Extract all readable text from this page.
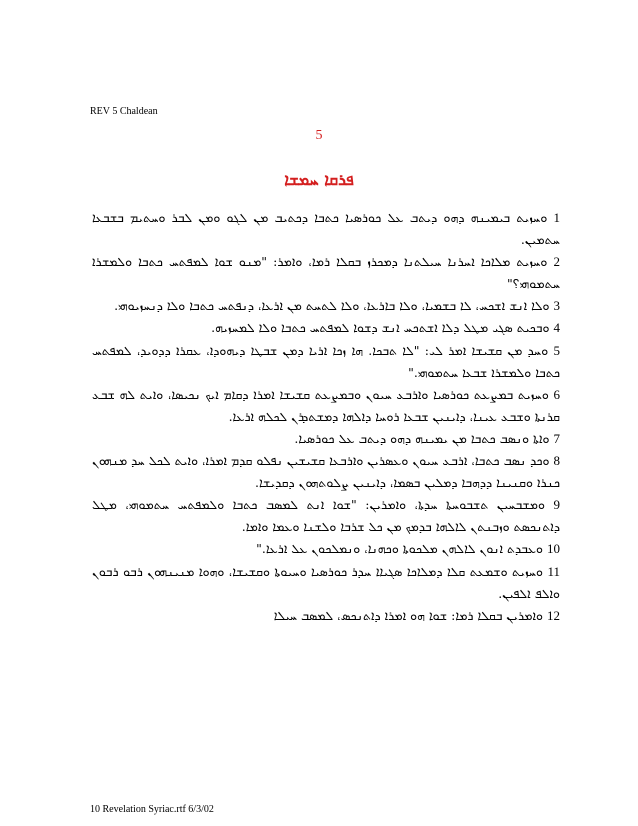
REV 5 Chaldean
5
ܦܪܩܐ ܚܡܫܐ
1 ܘܚܙܝܬ ܒܝܡܝܢܗ ܕܗܘ ܕܝܬܒ ܥܠ ܟܘܪܣܝܐ ܟܬܒܐ ܕܟܬܝܒ ܡܢ ܠܓܘ ܘܡܢ ܠܒܪ ܘܚܬܝܡ ܒܫܒܥܐ ܚܬܡܝܢ.
2 ܘܚܙܝܬ ܡܠܐܟܐ ܐܚܪܢܐ ܚܝܠܬܢܐ ܕܡܟܪܙ ܒܩܠܐ ܪܡܐ، ܘܐܡܪ: "ܡܢܘ ܫܘܐ ܠܡܦܬܚ ܟܬܒܐ ܘܠܡܫܪܐ ܚܬܡܘܗܝ؟"
3 ܘܠܐ ܐܢܫ ܐܫܟܚ، ܠܐ ܒܫܡܝܐ، ܘܠܐ ܒܐܪܥܐ، ܘܠܐ ܠܬܚܬ ܡܢ ܐܪܥܐ، ܕܢܦܬܚ ܟܬܒܐ ܘܠܐ ܕܢܚܙܝܘܗܝ.
4 ܘܒܟܝܬ ܣܓܝ ܡܛܠ ܕܠܐ ܐܫܬܟܚ ܐܢܫ ܕܫܘܐ ܠܡܦܬܚ ܟܬܒܐ ܘܠܐ ܠܡܚܙܝܗ.
5 ܘܚܕ ܡܢ ܩܫܝܫܐ ܐܡܪ ܠܝ: "ܠܐ ܬܒܟܐ. ܗܐ ܙܟܐ ܐܪܝܐ ܕܡܢ ܫܒܛܐ ܕܝܗܘܕܐ، ܥܩܪܐ ܕܕܘܝܕ، ܠܡܦܬܚ ܟܬܒܐ ܘܠܡܫܪܐ ܫܒܥܐ ܚܬܡܘܗܝ."
6 ܘܚܙܝܬ ܒܡܨܥܬ ܟܘܪܣܝܐ ܘܐܪܒܥ ܚܝܘܢ ܘܒܡܨܥܬ ܩܫܝܫܐ ܐܡܪܐ ܕܩܐܡ ܐܝܟ ܢܟܝܣܐ، ܘܐܝܬ ܠܗ ܫܒܥ ܩܪܢܬܐ ܘܫܒܥ ܥܝܢܐ، ܕܐܝܢܝܢ ܫܒܥܐ ܪܘܚܐ ܕܐܠܗܐ ܕܡܫܬܕܪܢ ܠܟܠܗ ܐܪܥܐ.
7 ܘܐܬܐ ܘܢܣܒ ܟܬܒܐ ܡܢ ܝܡܝܢܗ ܕܗܘ ܕܝܬܒ ܥܠ ܟܘܪܣܝܐ.
8 ܘܟܕ ܢܣܒ ܟܬܒܐ، ܐܪܒܥ ܚܝܘܢ ܘܥܣܪܝܢ ܘܐܪܒܥܐ ܩܫܝܫܝܢ ܢܦܠܘ ܩܕܡ ܐܡܪܐ، ܘܐܝܬ ܠܟܠ ܚܕ ܡܢܗܘܢ ܟܢܪܐ ܘܩܢܝܢܐ ܕܕܗܒܐ ܕܡܠܝܢ ܒܣܡܐ، ܕܐܝܢܝܢ ܨܠܘܬܗܘܢ ܕܩܕܝܫܐ.
9 ܘܡܫܒܚܝܢ ܬܫܒܘܚܬܐ ܚܕܬܐ، ܘܐܡܪܝܢ: "ܫܘܐ ܐܢܬ ܠܡܣܒ ܟܬܒܐ ܘܠܡܦܬܚ ܚܬܡܘܗܝ، ܡܛܠ ܕܐܬܢܟܣܬ ܘܙܒܢܬܢ ܠܐܠܗܐ ܒܕܡܟ ܡܢ ܟܠ ܫܪܒܐ ܘܠܫܢܐ ܘܥܡܐ ܘܐܡܐ.
10 ܘܥܒܕܬ ܐܢܘܢ ܠܐܠܗܢ ܡܠܟܘܬܐ ܘܟܗܢܐ، ܘܢܡܠܟܘܢ ܥܠ ܐܪܥܐ."
11 ܘܚܙܝܬ ܘܫܡܥܬ ܩܠܐ ܕܡܠܐܟܐ ܣܓܝܐܐ ܚܕܪ ܟܘܪܣܝܐ ܘܚܝܘܬܐ ܘܩܫܝܫܐ، ܘܗܘܐ ܡܢܝܢܗܘܢ ܪܒܘ ܪܒܘܢ ܘܐܠܦ ܐܠܦܝܢ.
12 ܘܐܡܪܝܢ ܒܩܠܐ ܪܡܐ: ܫܘܐ ܗܘ ܐܡܪܐ ܕܐܬܢܟܣ، ܠܡܣܒ ܚܝܠܐ
10 Revelation Syriac.rtf 6/3/02
